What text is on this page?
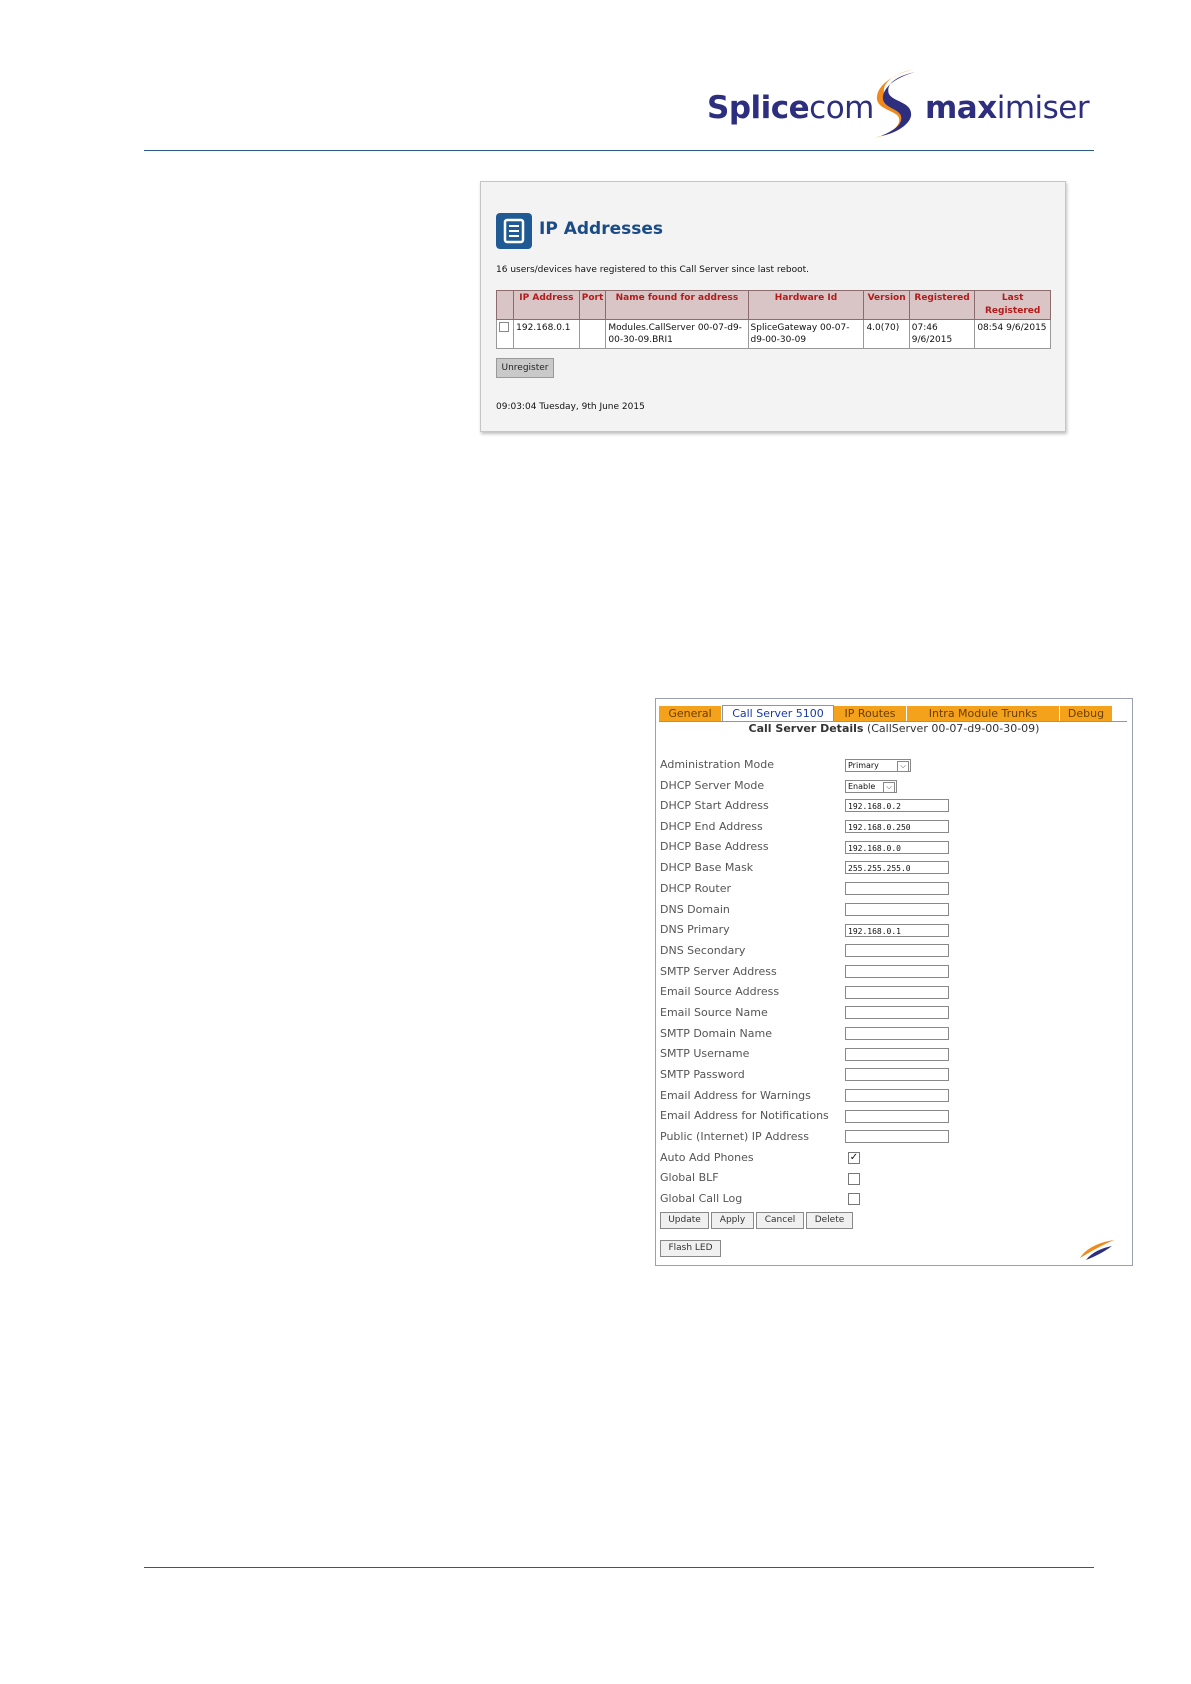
Splicecom maximiser
IP Addresses
16 users/devices have registered to this Call Server since last reboot.
	IP Address	Port	Name found for address	Hardware Id	Version	Registered	Last Registered
	192.168.0.1		Modules.CallServer 00-07-d9-00-30-09.BRI1	SpliceGateway 00-07-d9-00-30-09	4.0(70)	07:46 9/6/2015	08:54 9/6/2015
Unregister
09:03:04 Tuesday, 9th June 2015
General	Call Server 5100	IP Routes	Intra Module Trunks	Debug
Call Server Details (CallServer 00-07-d9-00-30-09)
Administration Mode	Primary	⌵
DHCP Server Mode	Enable	⌵
DHCP Start Address	192.168.0.2
DHCP End Address	192.168.0.250
DHCP Base Address	192.168.0.0
DHCP Base Mask	255.255.255.0
DHCP Router
DNS Domain
DNS Primary	192.168.0.1
DNS Secondary
SMTP Server Address
Email Source Address
Email Source Name
SMTP Domain Name
SMTP Username
SMTP Password
Email Address for Warnings
Email Address for Notifications
Public (Internet) IP Address
Auto Add Phones	✓
Global BLF
Global Call Log
Update	Apply	Cancel	Delete
Flash LED
